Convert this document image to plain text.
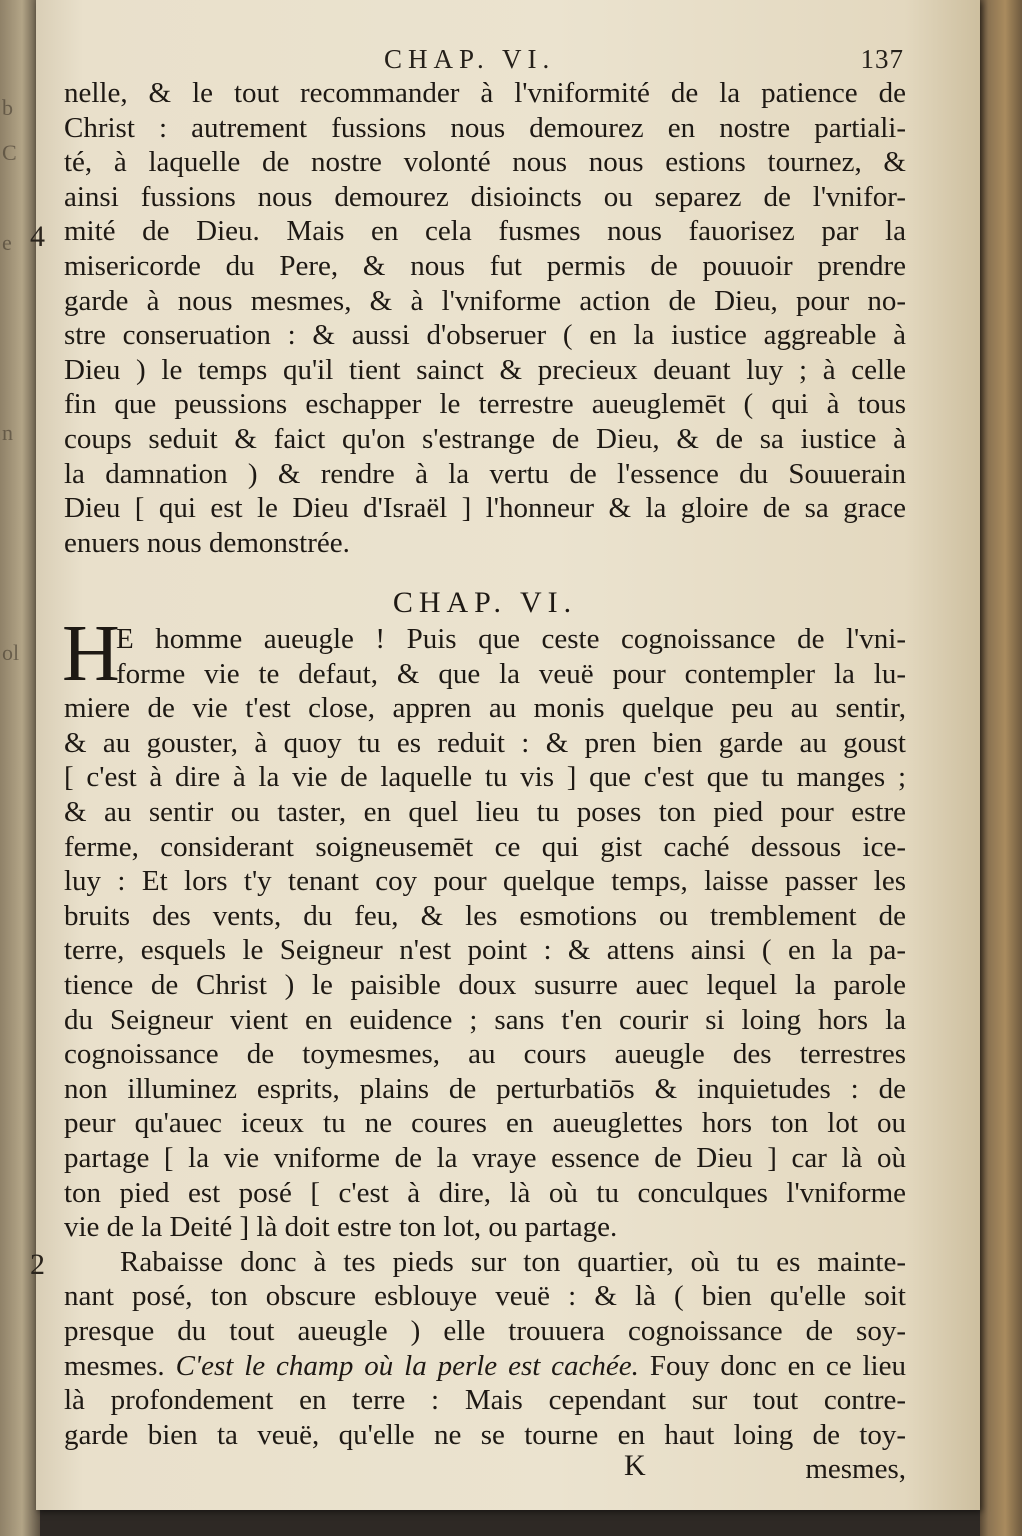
b
C
e
n
ol
CHAP. VI.	137
nelle, & le tout recommander à l'vniformité de la patience de
Christ : autrement fussions nous demourez en nostre partiali-
té, à laquelle de nostre volonté nous nous estions tournez, &
ainsi fussions nous demourez disioincts ou separez de l'vnifor-
4 mité de Dieu. Mais en cela fusmes nous fauorisez par la
misericorde du Pere, & nous fut permis de pouuoir prendre
garde à nous mesmes, & à l'vniforme action de Dieu, pour no-
stre conseruation : & aussi d'obseruer ( en la iustice aggreable à
Dieu ) le temps qu'il tient sainct & precieux deuant luy ; à celle
fin que peussions eschapper le terrestre aueuglemēt ( qui à tous
coups seduit & faict qu'on s'estrange de Dieu, & de sa iustice à
la damnation ) & rendre à la vertu de l'essence du Souuerain
Dieu [ qui est le Dieu d'Israël ] l'honneur & la gloire de sa grace
enuers nous demonstrée.
CHAP. VI.
H
E homme aueugle ! Puis que ceste cognoissance de l'vni-
forme vie te defaut, & que la veuë pour contempler la lu-
miere de vie t'est close, appren au monis quelque peu au sentir,
& au gouster, à quoy tu es reduit : & pren bien garde au goust
[ c'est à dire à la vie de laquelle tu vis ] que c'est que tu manges ;
& au sentir ou taster, en quel lieu tu poses ton pied pour estre
ferme, considerant soigneusemēt ce qui gist caché dessous ice-
luy : Et lors t'y tenant coy pour quelque temps, laisse passer les
bruits des vents, du feu, & les esmotions ou tremblement de
terre, esquels le Seigneur n'est point : & attens ainsi ( en la pa-
tience de Christ ) le paisible doux susurre auec lequel la parole
du Seigneur vient en euidence ; sans t'en courir si loing hors la
cognoissance de toymesmes, au cours aueugle des terrestres
non illuminez esprits, plains de perturbatiōs & inquietudes : de
peur qu'auec iceux tu ne coures en aueuglettes hors ton lot ou
partage [ la vie vniforme de la vraye essence de Dieu ] car là où
ton pied est posé [ c'est à dire, là où tu conculques l'vniforme
vie de la Deité ] là doit estre ton lot, ou partage.
2	Rabaisse donc à tes pieds sur ton quartier, où tu es mainte-
nant posé, ton obscure esblouye veuë : & là ( bien qu'elle soit
presque du tout aueugle ) elle trouuera cognoissance de soy-
mesmes. C'est le champ où la perle est cachée. Fouy donc en ce lieu
là profondement en terre : Mais cependant sur tout contre-
garde bien ta veuë, qu'elle ne se tourne en haut loing de toy-
K	mesmes,
